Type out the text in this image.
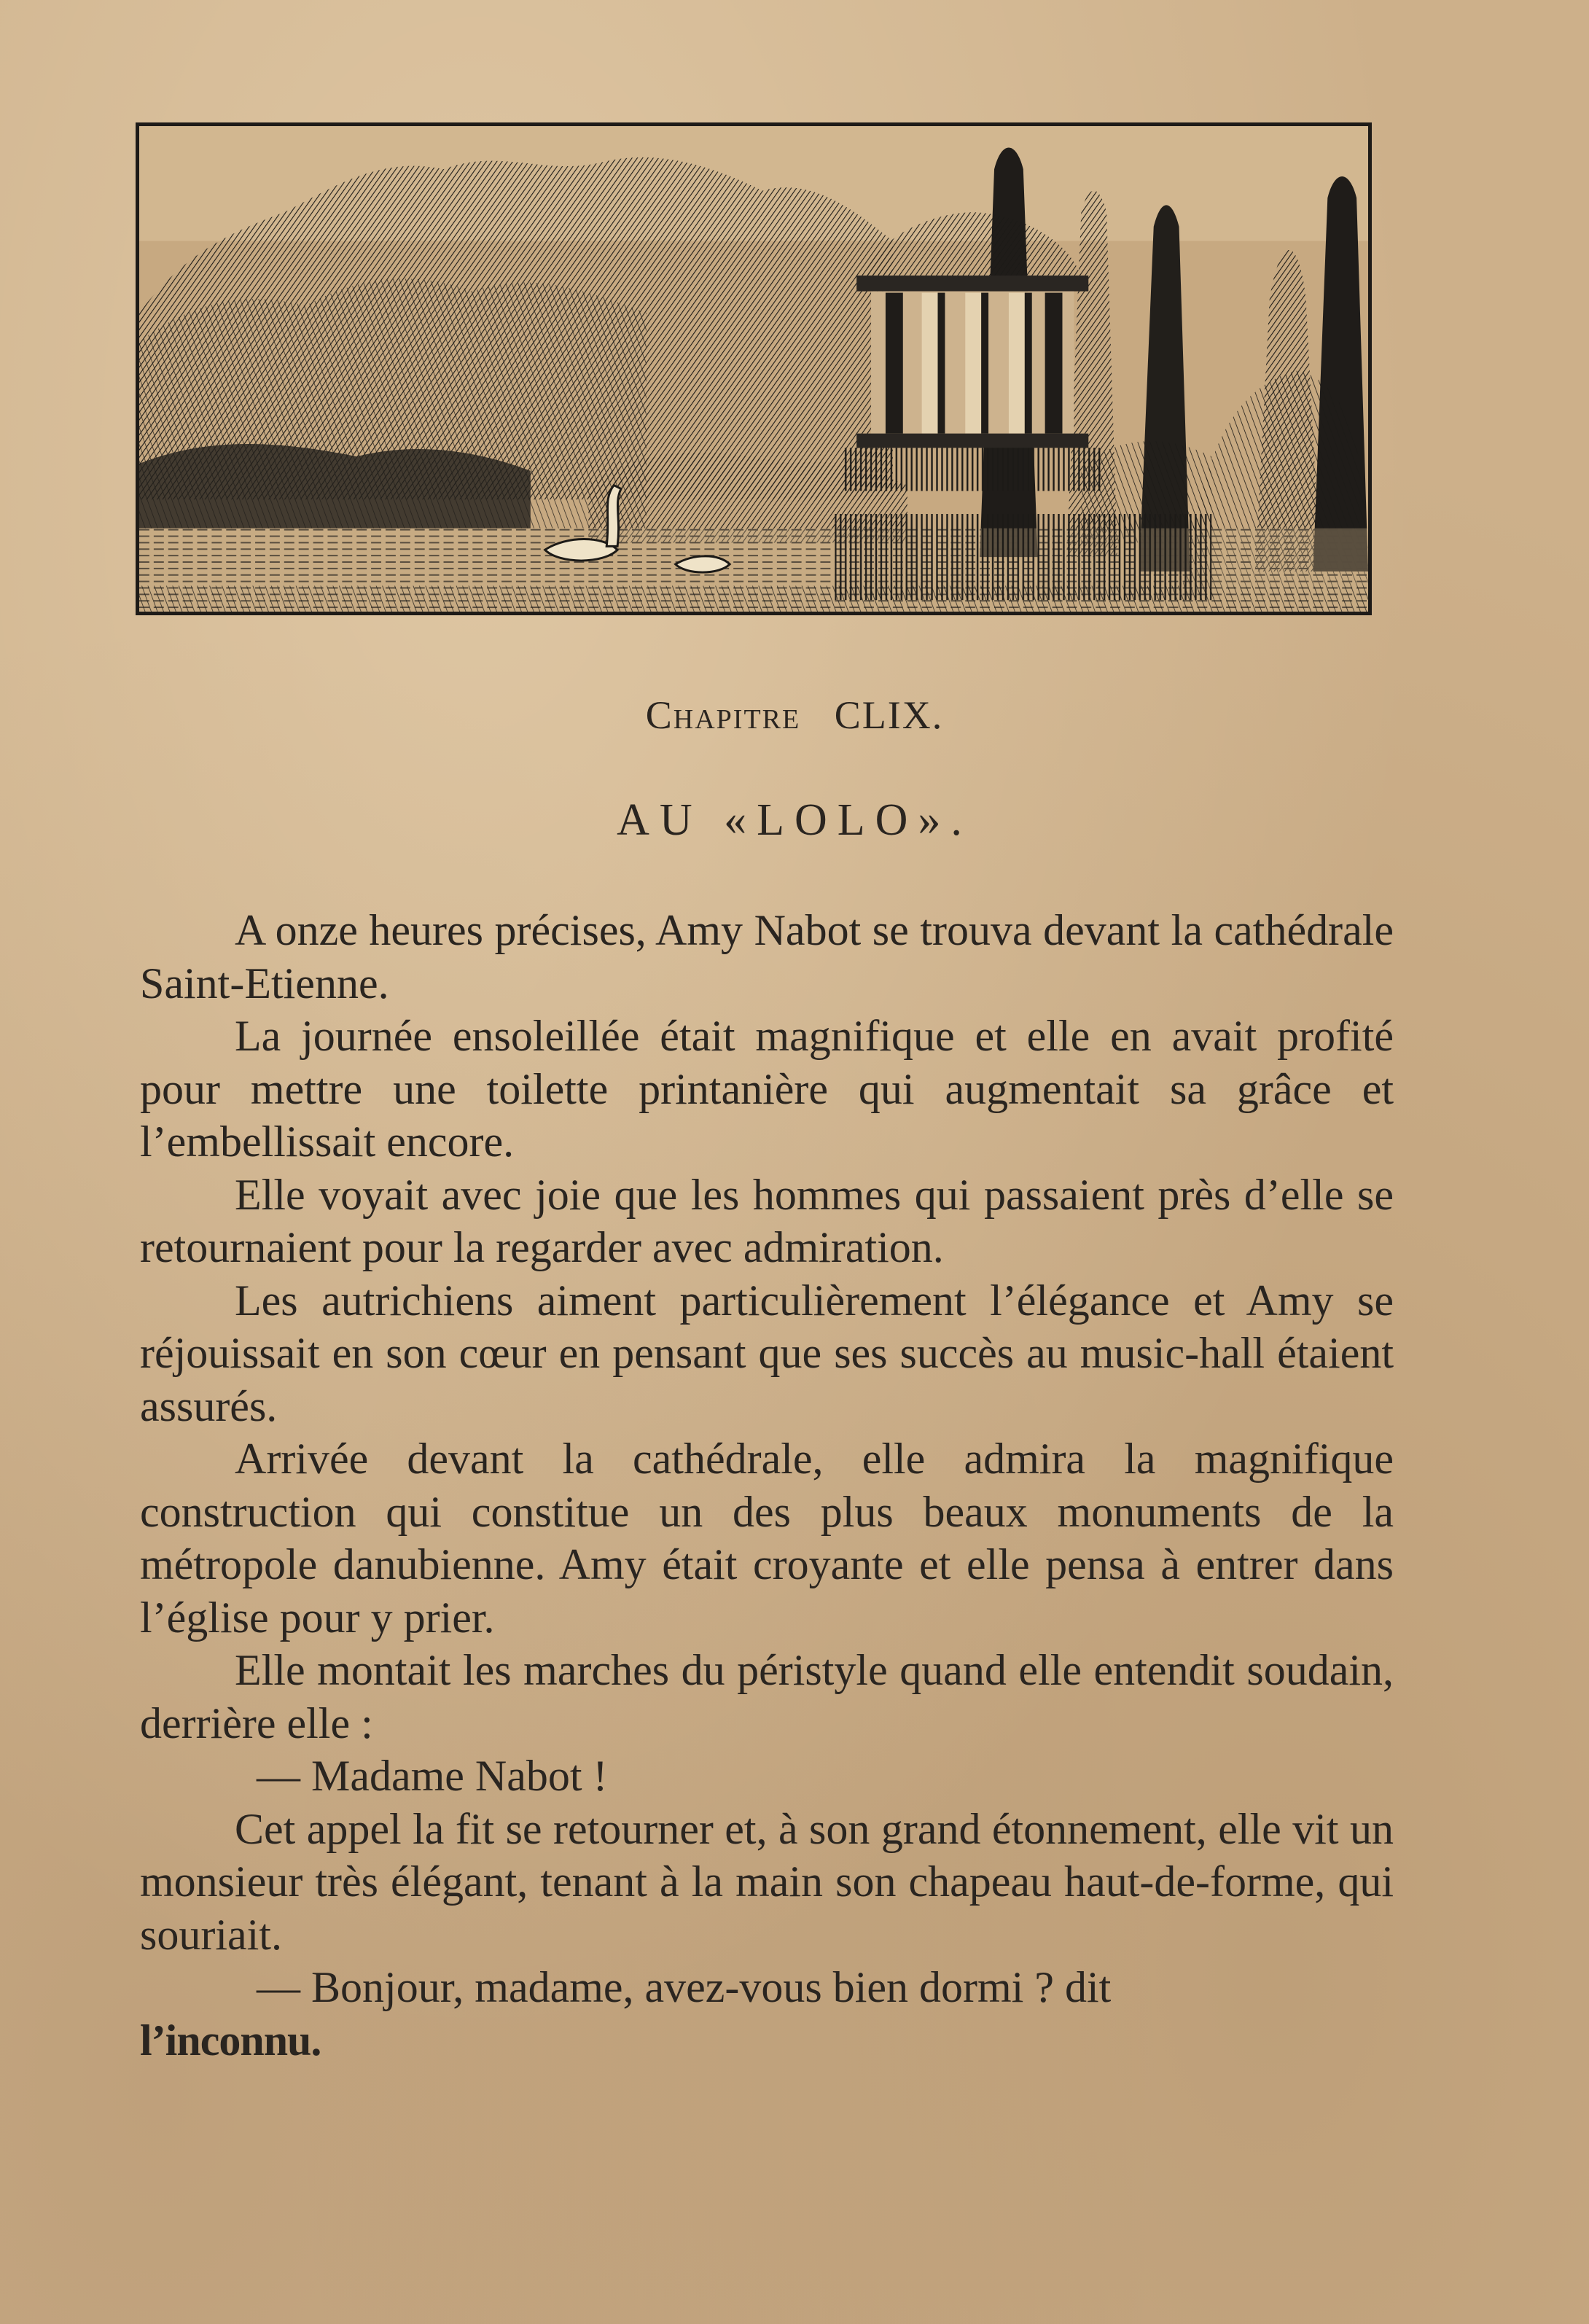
Chapitre CLIX.
AU «LOLO».

A onze heures précises, Amy Nabot se trouva devant la cathédrale Saint-Etienne.

La journée ensoleillée était magnifique et elle en avait profité pour mettre une toilette printanière qui augmentait sa grâce et l’embellissait encore.

Elle voyait avec joie que les hommes qui passaient près d’elle se retournaient pour la regarder avec admiration.

Les autrichiens aiment particulièrement l’élégance et Amy se réjouissait en son cœur en pensant que ses succès au music-hall étaient assurés.

Arrivée devant la cathédrale, elle admira la magnifique construction qui constitue un des plus beaux monuments de la métropole danubienne. Amy était croyante et elle pensa à entrer dans l’église pour y prier.

Elle montait les marches du péristyle quand elle entendit soudain, derrière elle :

— Madame Nabot !

Cet appel la fit se retourner et, à son grand étonnement, elle vit un monsieur très élégant, tenant à la main son chapeau haut-de-forme, qui souriait.

— Bonjour, madame, avez-vous bien dormi ? dit

l’inconnu.
